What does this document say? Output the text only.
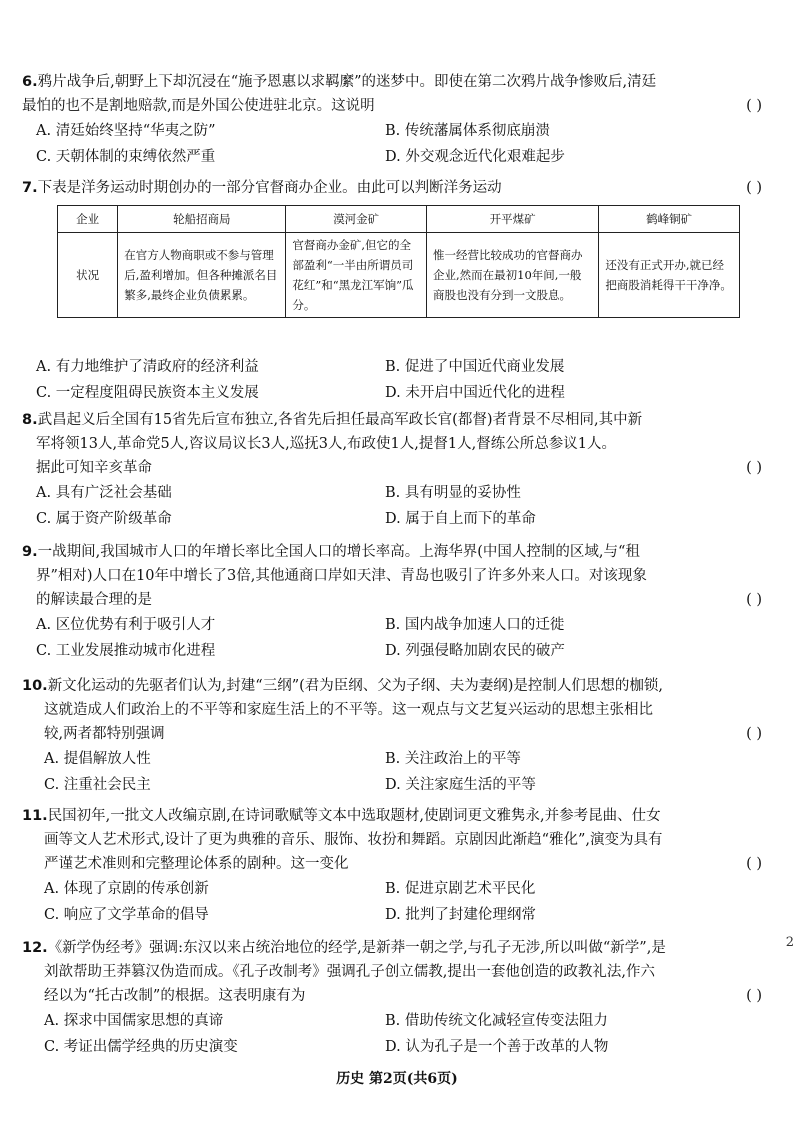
6.鸦片战争后,朝野上下却沉浸在“施予恩惠以求羁縻”的迷梦中。即使在第二次鸦片战争惨败后,清廷
最怕的也不是割地赔款,而是外国公使进驻北京。这说明	( )
A. 清廷始终坚持“华夷之防”	B. 传统藩属体系彻底崩溃
C. 天朝体制的束缚依然严重	D. 外交观念近代化艰难起步
7.下表是洋务运动时期创办的一部分官督商办企业。由此可以判断洋务运动	( )
企业	轮船招商局	漠河金矿	开平煤矿	鹤峰铜矿
状况	在官方人物商职或不参与管理后,盈利增加。但各种摊派名目繁多,最终企业负债累累。	官督商办金矿,但它的全部盈利“一半由所谓员司花红”和“黑龙江军饷”瓜分。	惟一经营比较成功的官督商办企业,然而在最初10年间,一般商股也没有分到一文股息。	还没有正式开办,就已经把商股消耗得干干净净。
A. 有力地维护了清政府的经济利益	B. 促进了中国近代商业发展
C. 一定程度阻碍民族资本主义发展	D. 未开启中国近代化的进程
8.武昌起义后全国有15省先后宣布独立,各省先后担任最高军政长官(都督)者背景不尽相同,其中新
军将领13人,革命党5人,咨议局议长3人,巡抚3人,布政使1人,提督1人,督练公所总参议1人。
据此可知辛亥革命	( )
A. 具有广泛社会基础	B. 具有明显的妥协性
C. 属于资产阶级革命	D. 属于自上而下的革命
9.一战期间,我国城市人口的年增长率比全国人口的增长率高。上海华界(中国人控制的区域,与“租
界”相对)人口在10年中增长了3倍,其他通商口岸如天津、青岛也吸引了许多外来人口。对该现象
的解读最合理的是	( )
A. 区位优势有利于吸引人才	B. 国内战争加速人口的迁徙
C. 工业发展推动城市化进程	D. 列强侵略加剧农民的破产
10.新文化运动的先驱者们认为,封建“三纲”(君为臣纲、父为子纲、夫为妻纲)是控制人们思想的枷锁,
这就造成人们政治上的不平等和家庭生活上的不平等。这一观点与文艺复兴运动的思想主张相比
较,两者都特别强调	( )
A. 提倡解放人性	B. 关注政治上的平等
C. 注重社会民主	D. 关注家庭生活的平等
11.民国初年,一批文人改编京剧,在诗词歌赋等文本中选取题材,使剧词更文雅隽永,并参考昆曲、仕女
画等文人艺术形式,设计了更为典雅的音乐、服饰、妆扮和舞蹈。京剧因此渐趋“雅化”,演变为具有
严谨艺术准则和完整理论体系的剧种。这一变化	( )
A. 体现了京剧的传承创新	B. 促进京剧艺术平民化
C. 响应了文学革命的倡导	D. 批判了封建伦理纲常
12.《新学伪经考》强调:东汉以来占统治地位的经学,是新莽一朝之学,与孔子无涉,所以叫做“新学”,是
刘歆帮助王莽篡汉伪造而成。《孔子改制考》强调孔子创立儒教,提出一套他创造的政教礼法,作六
经以为“托古改制”的根据。这表明康有为	( )
A. 探求中国儒家思想的真谛	B. 借助传统文化减轻宣传变法阻力
C. 考证出儒学经典的历史演变	D. 认为孔子是一个善于改革的人物
2
历史 第2页(共6页)
